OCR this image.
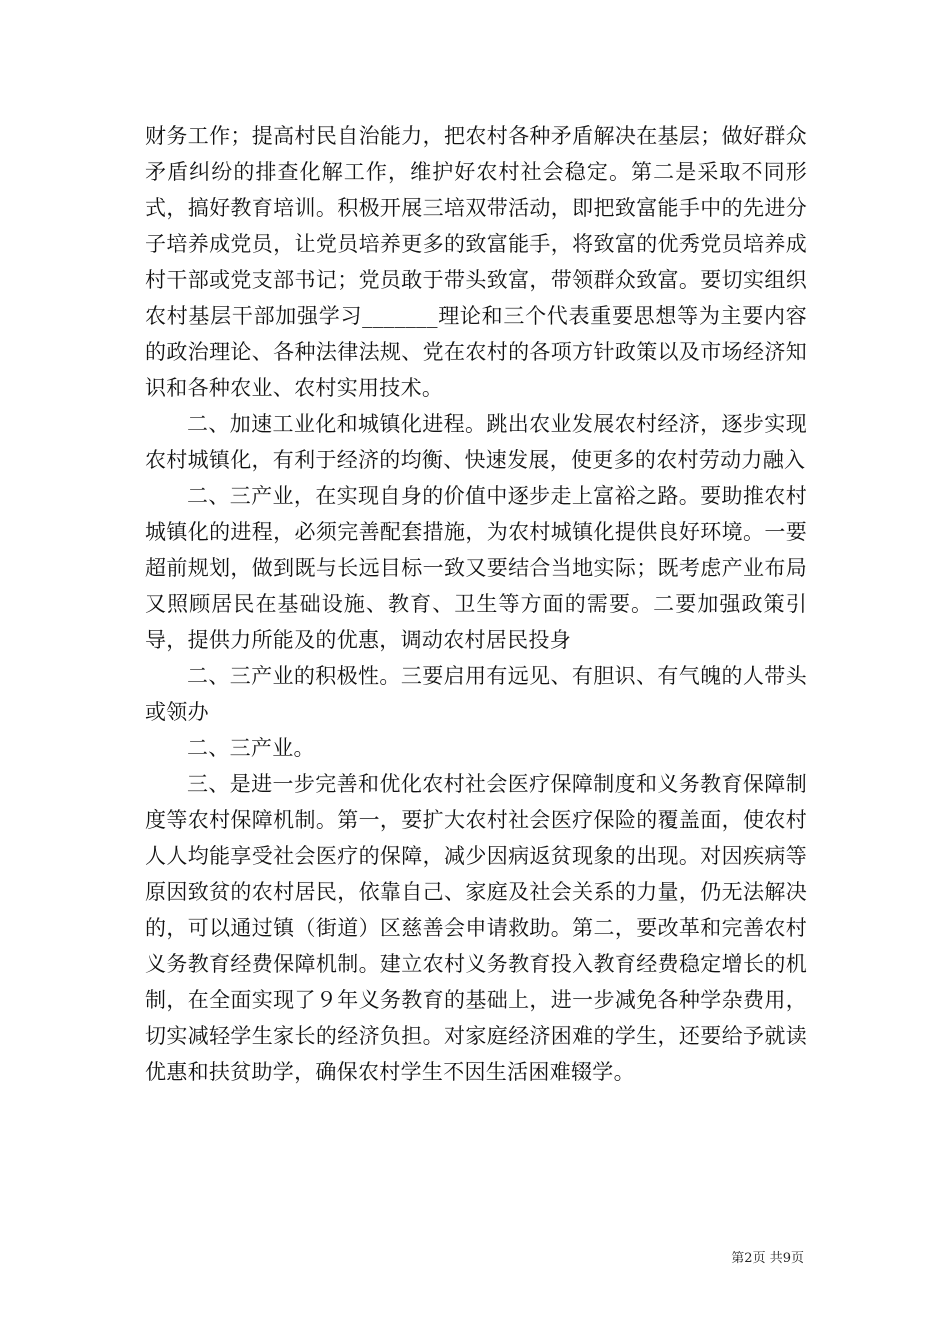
财务工作；提高村民自治能力，把农村各种矛盾解决在基层；做好群众矛盾纠纷的排查化解工作，维护好农村社会稳定。第二是采取不同形式，搞好教育培训。积极开展三培双带活动，即把致富能手中的先进分子培养成党员，让党员培养更多的致富能手，将致富的优秀党员培养成村干部或党支部书记；党员敢于带头致富，带领群众致富。要切实组织农村基层干部加强学习_______理论和三个代表重要思想等为主要内容的政治理论、各种法律法规、党在农村的各项方针政策以及市场经济知识和各种农业、农村实用技术。

二、加速工业化和城镇化进程。跳出农业发展农村经济，逐步实现农村城镇化，有利于经济的均衡、快速发展，使更多的农村劳动力融入

二、三产业，在实现自身的价值中逐步走上富裕之路。要助推农村城镇化的进程，必须完善配套措施，为农村城镇化提供良好环境。一要超前规划，做到既与长远目标一致又要结合当地实际；既考虑产业布局又照顾居民在基础设施、教育、卫生等方面的需要。二要加强政策引导，提供力所能及的优惠，调动农村居民投身

二、三产业的积极性。三要启用有远见、有胆识、有气魄的人带头或领办

二、三产业。

三、是进一步完善和优化农村社会医疗保障制度和义务教育保障制度等农村保障机制。第一，要扩大农村社会医疗保险的覆盖面，使农村人人均能享受社会医疗的保障，减少因病返贫现象的出现。对因疾病等原因致贫的农村居民，依靠自己、家庭及社会关系的力量，仍无法解决的，可以通过镇（街道）区慈善会申请救助。第二，要改革和完善农村义务教育经费保障机制。建立农村义务教育投入教育经费稳定增长的机制，在全面实现了９年义务教育的基础上，进一步减免各种学杂费用，切实减轻学生家长的经济负担。对家庭经济困难的学生，还要给予就读优惠和扶贫助学，确保农村学生不因生活困难辍学。

第2页 共9页
